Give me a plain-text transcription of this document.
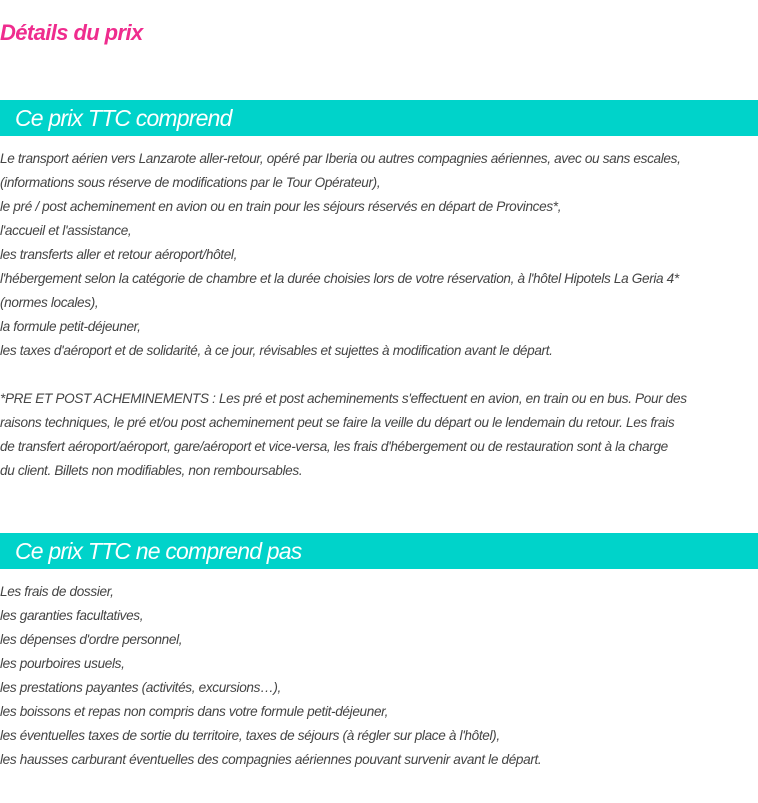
Détails du prix
Ce prix TTC comprend
Le transport aérien vers Lanzarote aller-retour, opéré par Iberia ou autres compagnies aériennes, avec ou sans escales,
(informations sous réserve de modifications par le Tour Opérateur),
le pré / post acheminement en avion ou en train pour les séjours réservés en départ de Provinces*,
l'accueil et l'assistance,
les transferts aller et retour aéroport/hôtel,
l'hébergement selon la catégorie de chambre et la durée choisies lors de votre réservation, à l'hôtel Hipotels La Geria 4*
(normes locales),
la formule petit-déjeuner,
les taxes d'aéroport et de solidarité, à ce jour, révisables et sujettes à modification avant le départ.
*PRE ET POST ACHEMINEMENTS : Les pré et post acheminements s'effectuent en avion, en train ou en bus. Pour des
raisons techniques, le pré et/ou post acheminement peut se faire la veille du départ ou le lendemain du retour. Les frais
de transfert aéroport/aéroport, gare/aéroport et vice-versa, les frais d'hébergement ou de restauration sont à la charge
du client. Billets non modifiables, non remboursables.
Ce prix TTC ne comprend pas
Les frais de dossier,
les garanties facultatives,
les dépenses d'ordre personnel,
les pourboires usuels,
les prestations payantes (activités, excursions…),
les boissons et repas non compris dans votre formule petit-déjeuner,
les éventuelles taxes de sortie du territoire, taxes de séjours (à régler sur place à l'hôtel),
les hausses carburant éventuelles des compagnies aériennes pouvant survenir avant le départ.
